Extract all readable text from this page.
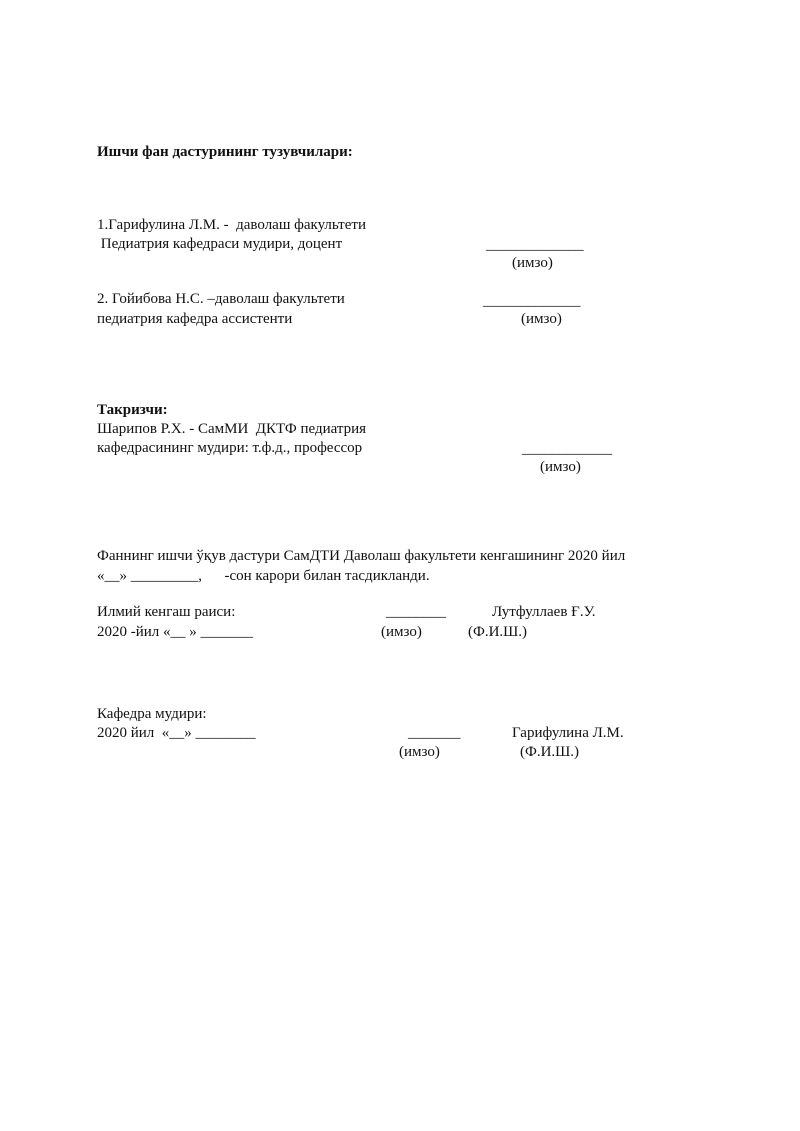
Ишчи фан дастурининг тузувчилари:
1.Гарифулина Л.М. -  даволаш факультети
Педиатрия кафедраси мудири, доцент	_____________
(имзо)
2. Гойибова Н.С. –даволаш факультети
педиатрия кафедра ассистенти
_____________
(имзо)
Такризчи:
Шарипов Р.Х. - СамМИ  ДКТФ педиатрия
кафедрасининг мудири: т.ф.д., профессор	____________
(имзо)
Фаннинг ишчи ўқув дастури СамДТИ Даволаш факультети кенгашининг 2020 йил
«__» _________,      -сон карори билан тасдикланди.
Илмий кенгаш раиси:
2020 -йил «__ » _______
________
(имзо)
Лутфуллаев Ғ.У.
(Ф.И.Ш.)
Кафедра мудири:
2020 йил  «__» ________	_______
(имзо)
Гарифулина Л.М.
(Ф.И.Ш.)
